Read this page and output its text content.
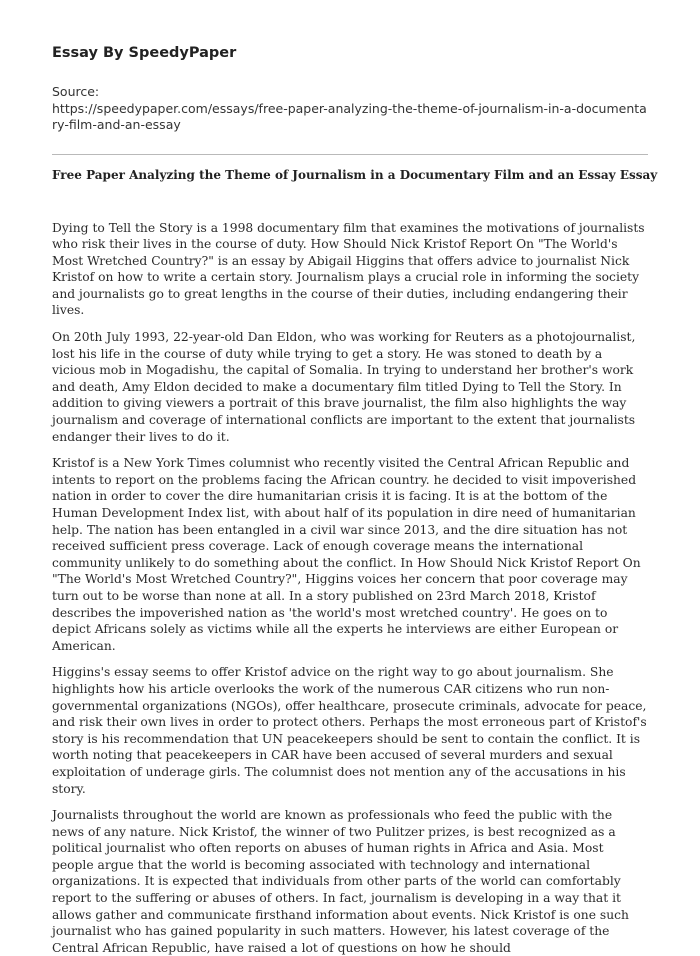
Essay By SpeedyPaper
Source:
https://speedypaper.com/essays/free-paper-analyzing-the-theme-of-journalism-in-a-documentary-film-and-an-essay
Free Paper Analyzing the Theme of Journalism in a Documentary Film and an Essay Essay

Dying to Tell the Story is a 1998 documentary film that examines the motivations of journalists who risk their lives in the course of duty. How Should Nick Kristof Report On "The World's Most Wretched Country?" is an essay by Abigail Higgins that offers advice to journalist Nick Kristof on how to write a certain story. Journalism plays a crucial role in informing the society and journalists go to great lengths in the course of their duties, including endangering their lives.

On 20th July 1993, 22-year-old Dan Eldon, who was working for Reuters as a photojournalist, lost his life in the course of duty while trying to get a story. He was stoned to death by a vicious mob in Mogadishu, the capital of Somalia. In trying to understand her brother's work and death, Amy Eldon decided to make a documentary film titled Dying to Tell the Story. In addition to giving viewers a portrait of this brave journalist, the film also highlights the way journalism and coverage of international conflicts are important to the extent that journalists endanger their lives to do it.

Kristof is a New York Times columnist who recently visited the Central African Republic and intents to report on the problems facing the African country. he decided to visit impoverished nation in order to cover the dire humanitarian crisis it is facing. It is at the bottom of the Human Development Index list, with about half of its population in dire need of humanitarian help. The nation has been entangled in a civil war since 2013, and the dire situation has not received sufficient press coverage. Lack of enough coverage means the international community unlikely to do something about the conflict. In How Should Nick Kristof Report On "The World's Most Wretched Country?", Higgins voices her concern that poor coverage may turn out to be worse than none at all. In a story published on 23rd March 2018, Kristof describes the impoverished nation as 'the world's most wretched country'. He goes on to depict Africans solely as victims while all the experts he interviews are either European or American.

Higgins's essay seems to offer Kristof advice on the right way to go about journalism. She highlights how his article overlooks the work of the numerous CAR citizens who run non-governmental organizations (NGOs), offer healthcare, prosecute criminals, advocate for peace, and risk their own lives in order to protect others. Perhaps the most erroneous part of Kristof's story is his recommendation that UN peacekeepers should be sent to contain the conflict. It is worth noting that peacekeepers in CAR have been accused of several murders and sexual exploitation of underage girls. The columnist does not mention any of the accusations in his story.

Journalists throughout the world are known as professionals who feed the public with the news of any nature. Nick Kristof, the winner of two Pulitzer prizes, is best recognized as a political journalist who often reports on abuses of human rights in Africa and Asia. Most people argue that the world is becoming associated with technology and international organizations. It is expected that individuals from other parts of the world can comfortably report to the suffering or abuses of others. In fact, journalism is developing in a way that it allows gather and communicate firsthand information about events. Nick Kristof is one such journalist who has gained popularity in such matters. However, his latest coverage of the Central African Republic, have raised a lot of questions on how he should
